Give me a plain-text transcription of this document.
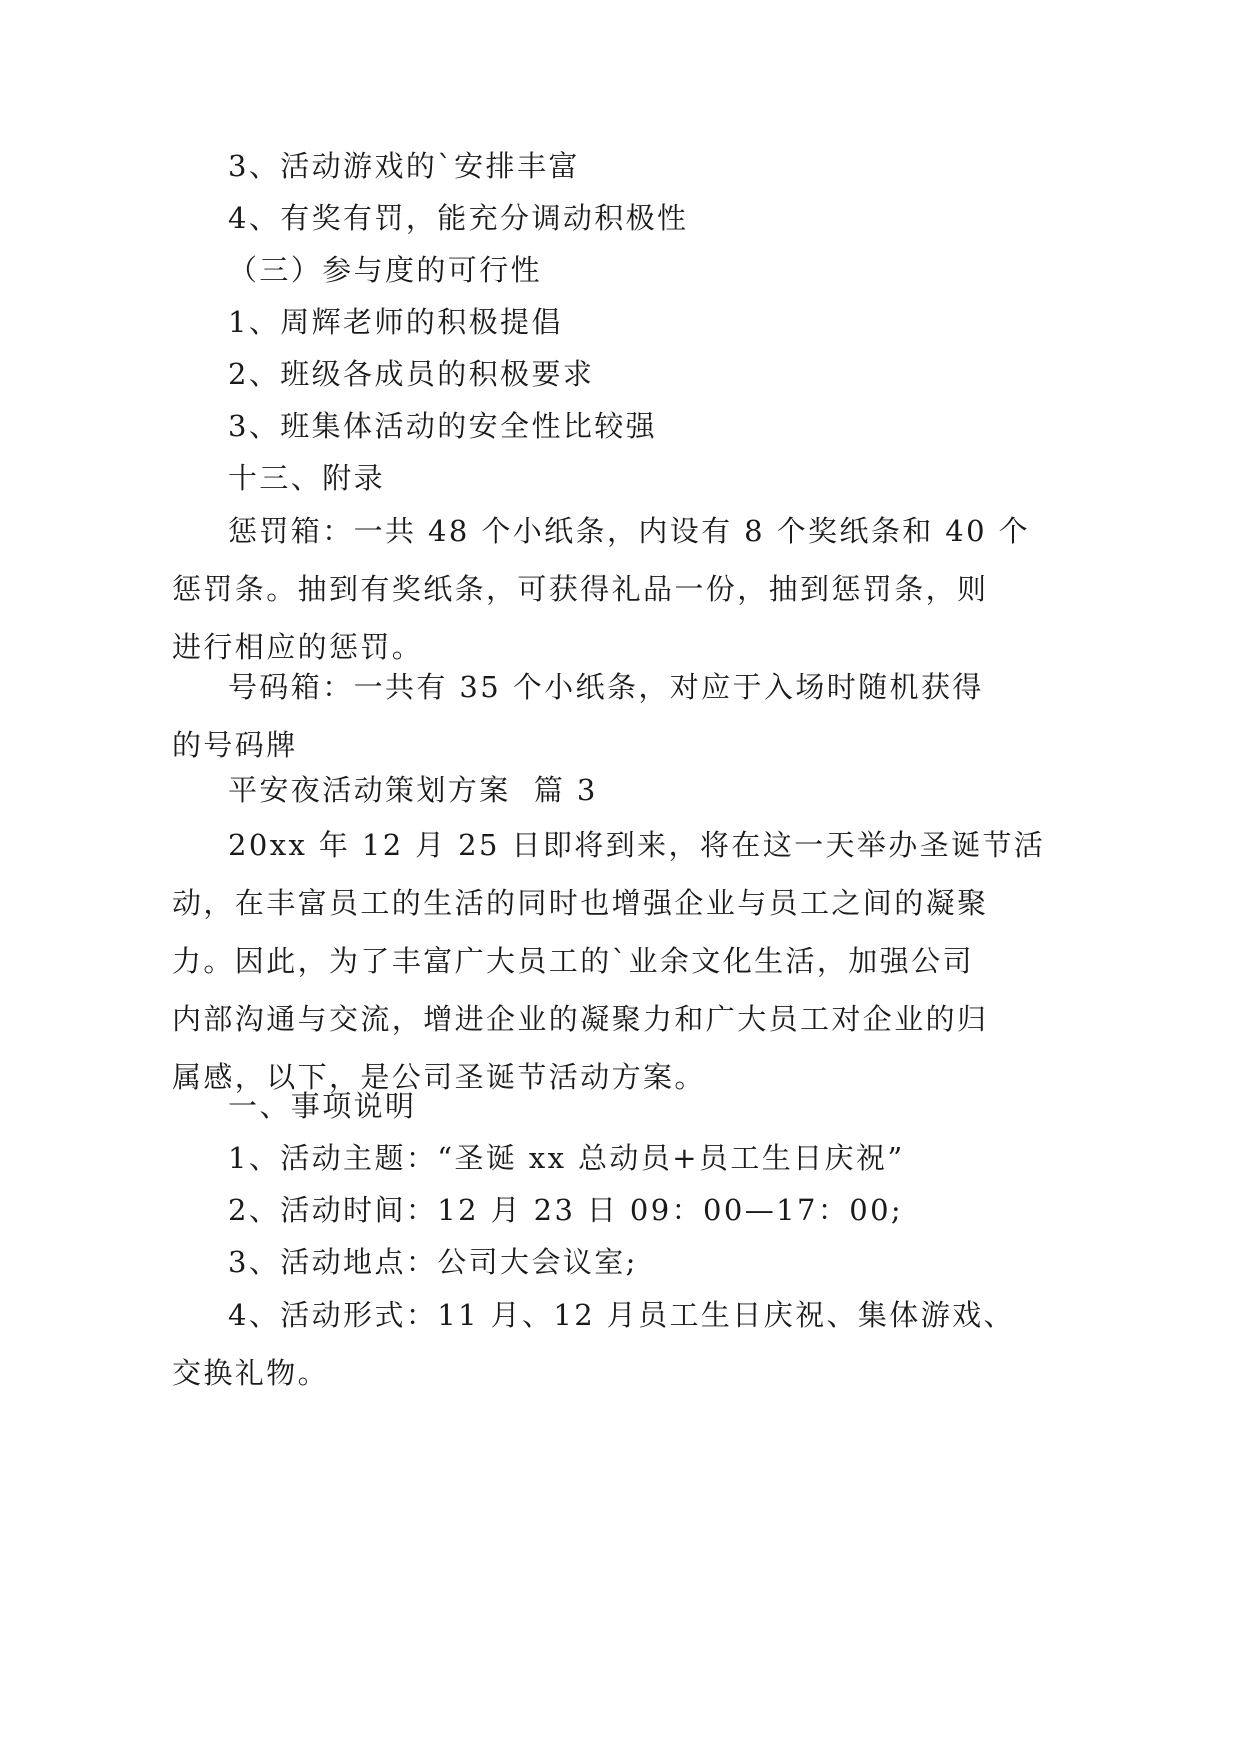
3、活动游戏的`安排丰富

4、有奖有罚，能充分调动积极性

（三）参与度的可行性

1、周辉老师的积极提倡

2、班级各成员的积极要求

3、班集体活动的安全性比较强

十三、附录

惩罚箱：一共 48 个小纸条，内设有 8 个奖纸条和 40 个
惩罚条。抽到有奖纸条，可获得礼品一份，抽到惩罚条，则
进行相应的惩罚。
号码箱：一共有 35 个小纸条，对应于入场时随机获得
的号码牌

平安夜活动策划方案  篇 3

20xx 年 12 月 25 日即将到来，将在这一天举办圣诞节活
动，在丰富员工的生活的同时也增强企业与员工之间的凝聚
力。因此，为了丰富广大员工的`业余文化生活，加强公司
内部沟通与交流，增进企业的凝聚力和广大员工对企业的归
属感，以下，是公司圣诞节活动方案。

一、事项说明

1、活动主题：“圣诞 xx 总动员+员工生日庆祝”

2、活动时间：12 月 23 日 09：00—17：00;

3、活动地点：公司大会议室;

4、活动形式：11 月、12 月员工生日庆祝、集体游戏、
交换礼物。
